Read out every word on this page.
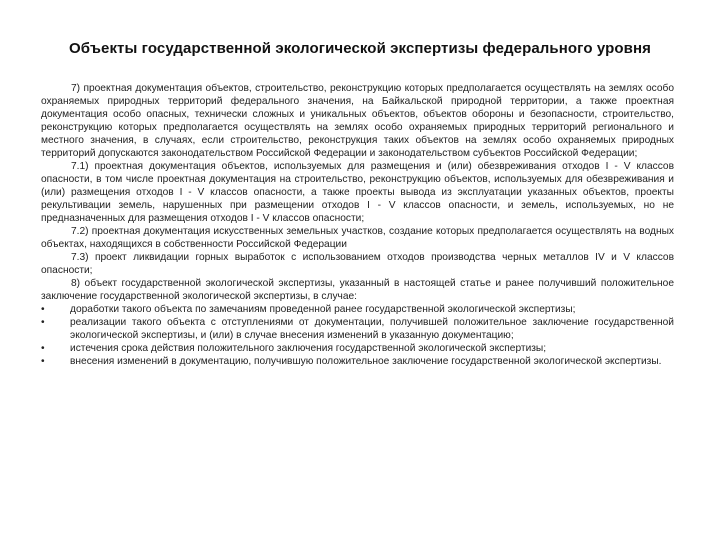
Объекты государственной экологической экспертизы федерального уровня

7) проектная документация объектов, строительство, реконструкцию которых предполагается осуществлять на землях особо охраняемых природных территорий федерального значения, на Байкальской природной территории, а также проектная документация особо опасных, технически сложных и уникальных объектов, объектов обороны и безопасности, строительство, реконструкцию которых предполагается осуществлять на землях особо охраняемых природных территорий регионального и местного значения, в случаях, если строительство, реконструкция таких объектов на землях особо охраняемых природных территорий допускаются законодательством Российской Федерации и законодательством субъектов Российской Федерации;

7.1) проектная документация объектов, используемых для размещения и (или) обезвреживания отходов I - V классов опасности, в том числе проектная документация на строительство, реконструкцию объектов, используемых для обезвреживания и (или) размещения отходов I - V классов опасности, а также проекты вывода из эксплуатации указанных объектов, проекты рекультивации земель, нарушенных при размещении отходов I - V классов опасности, и земель, используемых, но не предназначенных для размещения отходов I - V классов опасности;

7.2) проектная документация искусственных земельных участков, создание которых предполагается осуществлять на водных объектах, находящихся в собственности Российской Федерации

7.3) проект ликвидации горных выработок с использованием отходов производства черных металлов IV и V классов опасности;

8) объект государственной экологической экспертизы, указанный в настоящей статье и ранее получивший положительное заключение государственной экологической экспертизы, в случае:

•	доработки такого объекта по замечаниям проведенной ранее государственной экологической экспертизы;
•	реализации такого объекта с отступлениями от документации, получившей положительное заключение государственной экологической экспертизы, и (или) в случае внесения изменений в указанную документацию;
•	истечения срока действия положительного заключения государственной экологической экспертизы;
•	внесения изменений в документацию, получившую положительное заключение государственной экологической экспертизы.
